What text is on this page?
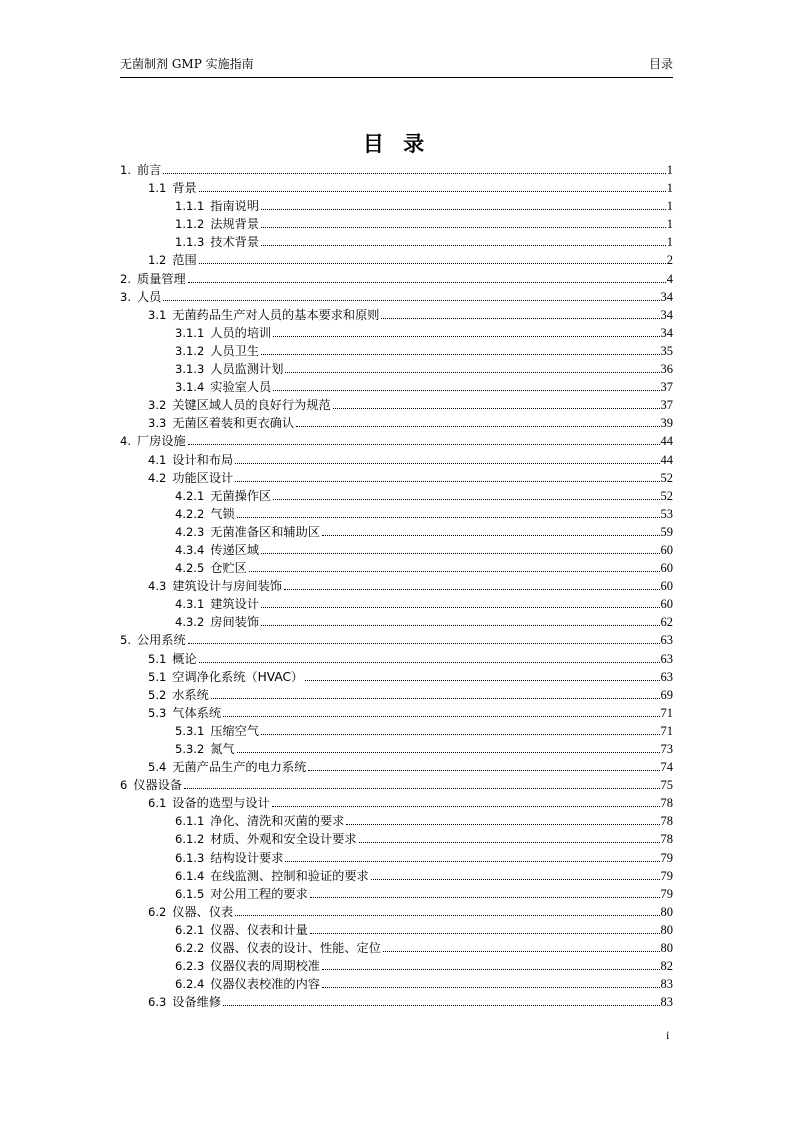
无菌制剂 GMP 实施指南	目录
目 录
1. 前言	1
1.1 背景	1
1.1.1 指南说明	1
1.1.2 法规背景	1
1.1.3 技术背景	1
1.2 范围	2
2. 质量管理	4
3. 人员	34
3.1 无菌药品生产对人员的基本要求和原则	34
3.1.1 人员的培训	34
3.1.2 人员卫生	35
3.1.3 人员监测计划	36
3.1.4 实验室人员	37
3.2 关键区域人员的良好行为规范	37
3.3 无菌区着装和更衣确认	39
4. 厂房设施	44
4.1 设计和布局	44
4.2 功能区设计	52
4.2.1 无菌操作区	52
4.2.2 气锁	53
4.2.3 无菌准备区和辅助区	59
4.3.4 传递区域	60
4.2.5 仓贮区	60
4.3 建筑设计与房间装饰	60
4.3.1 建筑设计	60
4.3.2 房间装饰	62
5. 公用系统	63
5.1 概论	63
5.1 空调净化系统（HVAC）	63
5.2 水系统	69
5.3 气体系统	71
5.3.1 压缩空气	71
5.3.2 氮气	73
5.4 无菌产品生产的电力系统	74
6 仪器设备	75
6.1 设备的选型与设计	78
6.1.1 净化、清洗和灭菌的要求	78
6.1.2 材质、外观和安全设计要求	78
6.1.3 结构设计要求	79
6.1.4 在线监测、控制和验证的要求	79
6.1.5 对公用工程的要求	79
6.2 仪器、仪表	80
6.2.1 仪器、仪表和计量	80
6.2.2 仪器、仪表的设计、性能、定位	80
6.2.3 仪器仪表的周期校准	82
6.2.4 仪器仪表校准的内容	83
6.3 设备维修	83
i
